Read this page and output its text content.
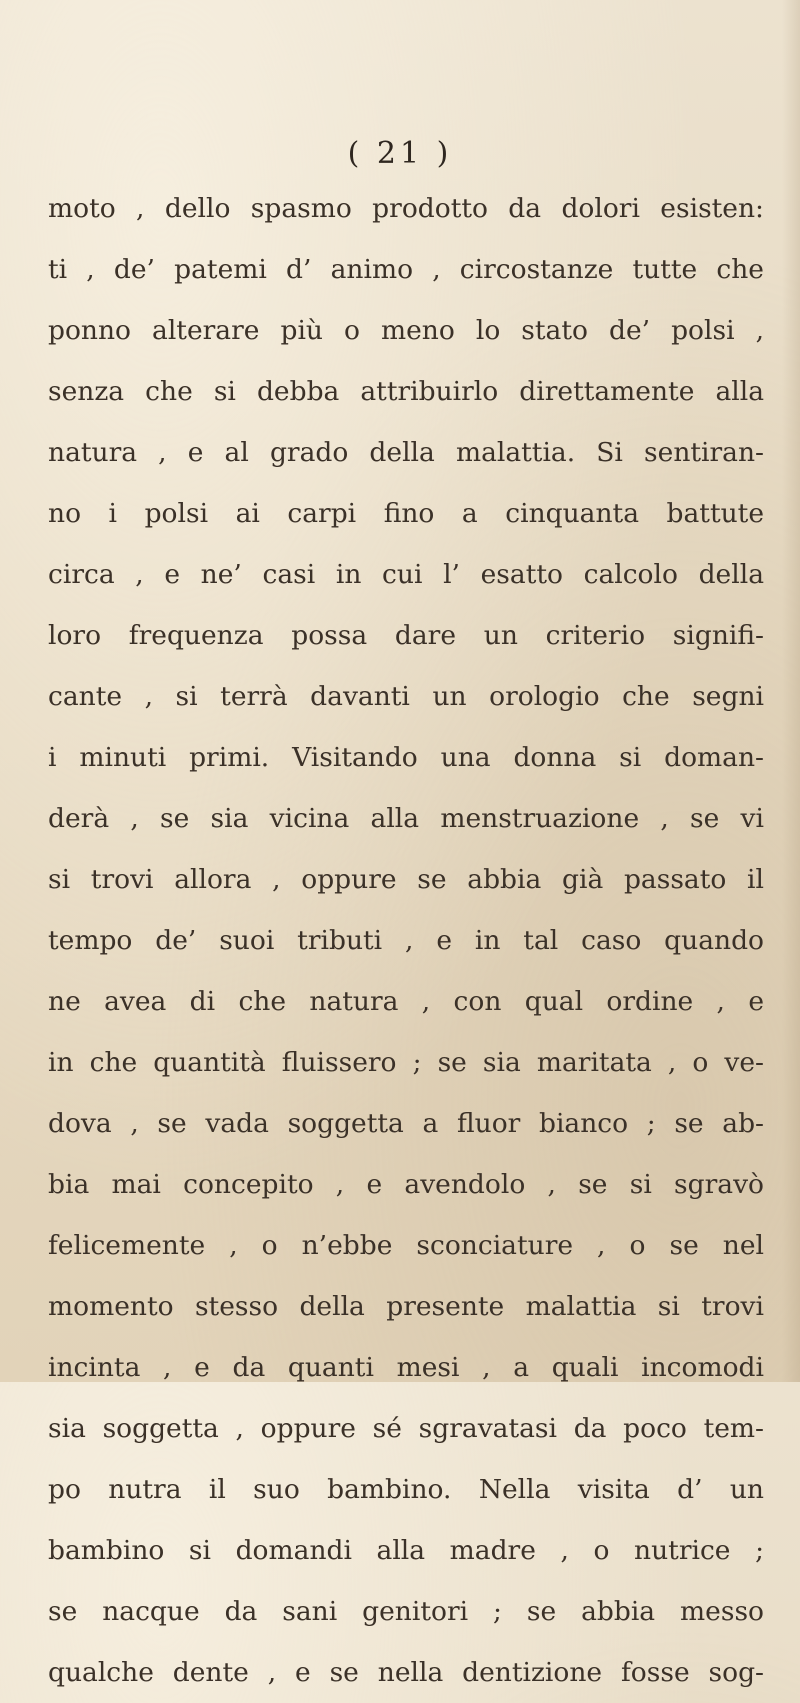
( 21 )
moto , dello spasmo prodotto da dolori esisten:
ti , de’ patemi d’ animo , circostanze tutte che
ponno alterare più o meno lo stato de’ polsi ,
senza che si debba attribuirlo direttamente alla
natura , e al grado della malattia. Si sentiran-
no i polsi ai carpi fino a cinquanta battute
circa , e ne’ casi in cui l’ esatto calcolo della
loro frequenza possa dare un criterio signifi-
cante , si terrà davanti un orologio che segni
i minuti primi. Visitando una donna si doman-
derà , se sia vicina alla menstruazione , se vi
si trovi allora , oppure se abbia già passato il
tempo de’ suoi tributi , e in tal caso quando
ne avea di che natura , con qual ordine , e
in che quantità fluissero ; se sia maritata , o ve-
dova , se vada soggetta a fluor bianco ; se ab-
bia mai concepito , e avendolo , se si sgravò
felicemente , o n’ebbe sconciature , o se nel
momento stesso della presente malattia si trovi
incinta , e da quanti mesi , a quali incomodi
sia soggetta , oppure sé sgravatasi da poco tem-
po nutra il suo bambino. Nella visita d’ un
bambino si domandi alla madre , o nutrice ;
se nacque da sani genitori ; se abbia messo
qualche dente , e se nella dentizione fosse sog-
